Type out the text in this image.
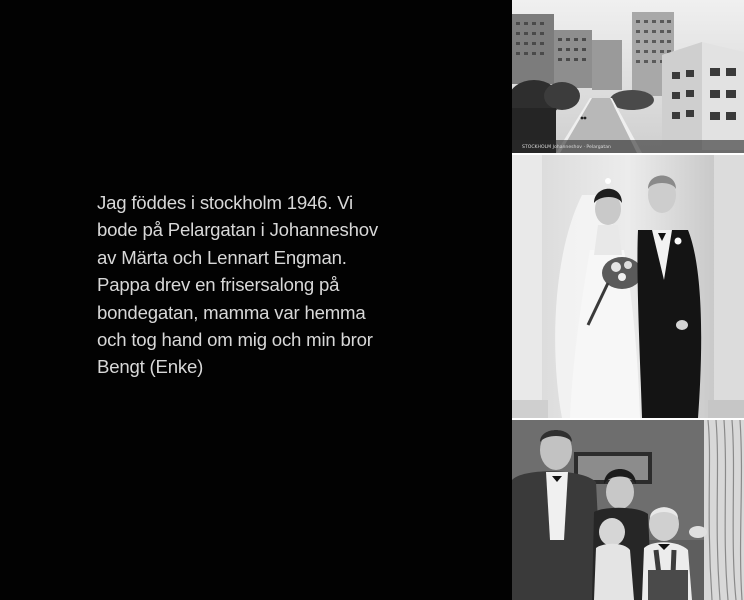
Jag föddes i stockholm 1946. Vi
bode på Pelargatan i Johanneshov
av Märta och Lennart Engman.
Pappa drev en frisersalong på
bondegatan, mamma var hemma
och tog hand om mig och min bror
Bengt (Enke)
STOCKHOLM Johanneshov · Pelargatan
